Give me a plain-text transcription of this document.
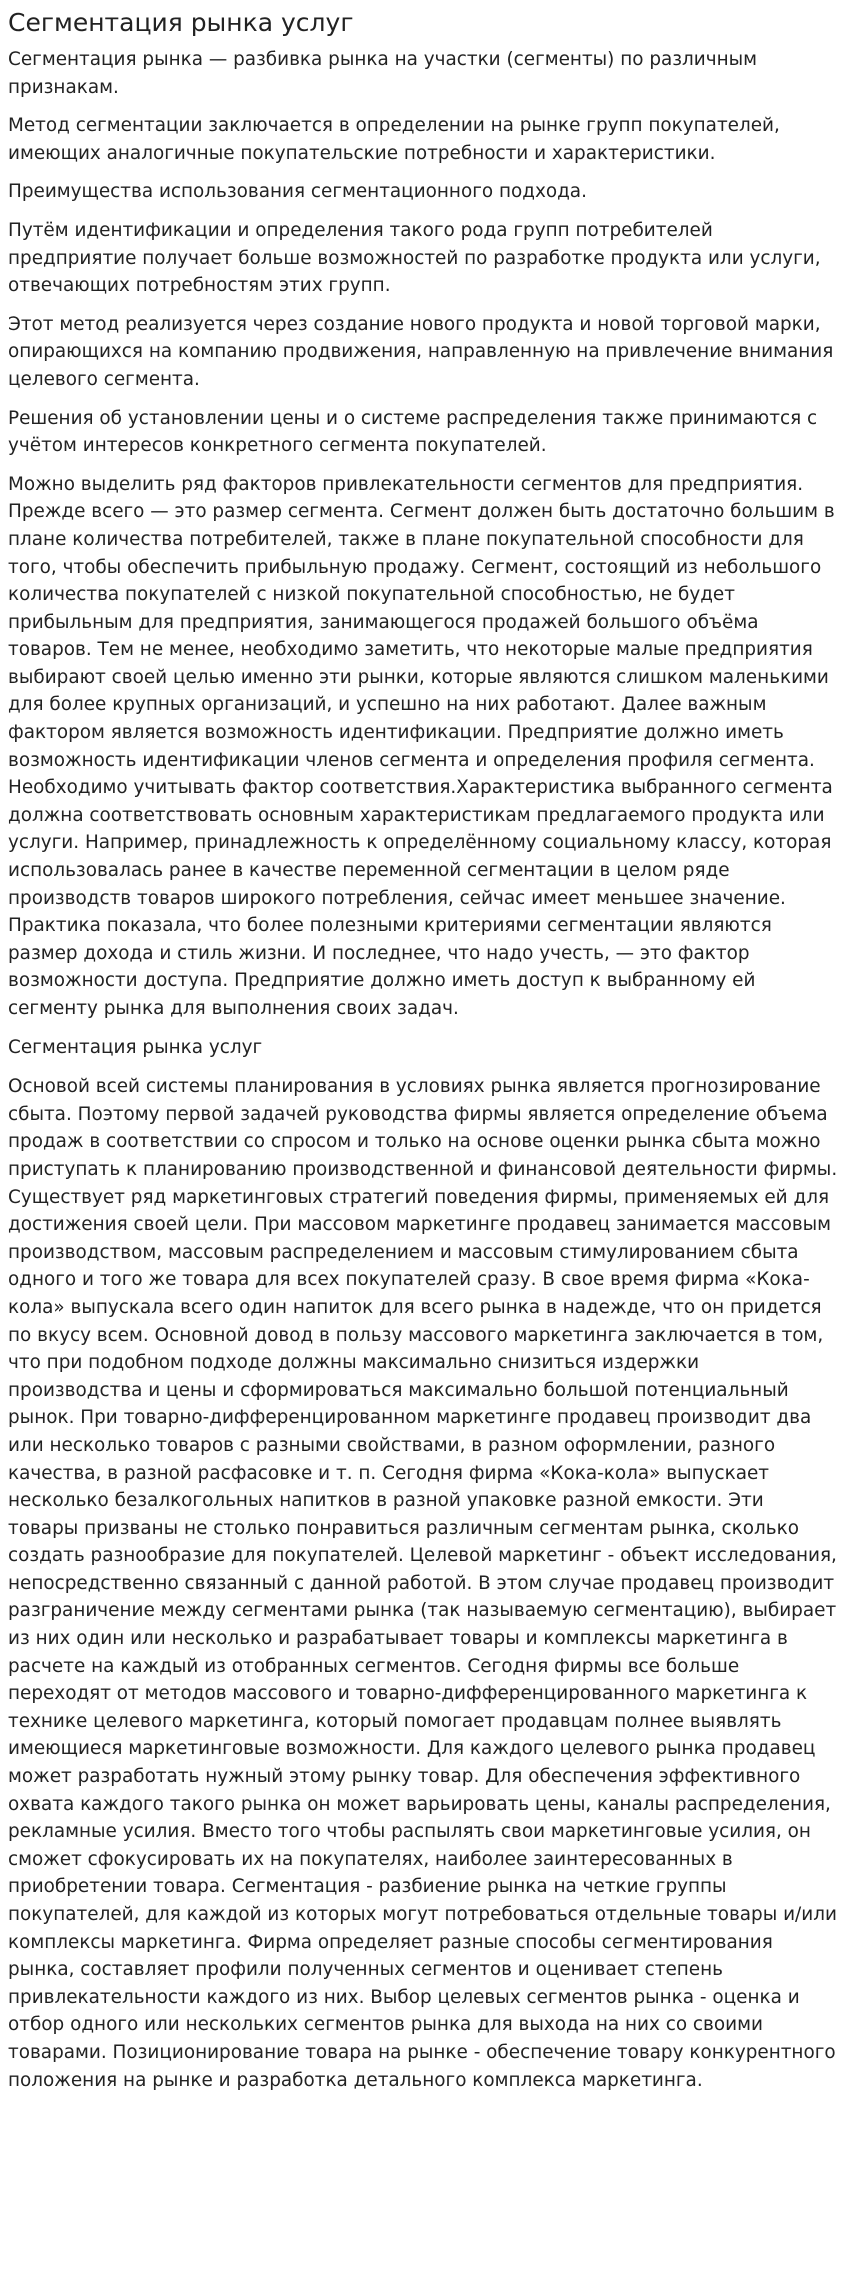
Сегментация рынка услуг

Сегментация рынка — разбивка рынка на участки (сегменты) по различным признакам.

Метод сегментации заключается в определении на рынке групп покупателей, имеющих аналогичные покупательские потребности и характеристики.

Преимущества использования сегментационного подхода.

Путём идентификации и определения такого рода групп потребителей предприятие получает больше возможностей по разработке продукта или услуги, отвечающих потребностям этих групп.

Этот метод реализуется через создание нового продукта и новой торговой марки, опирающихся на компанию продвижения, направленную на привлечение внимания целевого сегмента.

Решения об установлении цены и о системе распределения также принимаются с учётом интересов конкретного сегмента покупателей.

Можно выделить ряд факторов привлекательности сегментов для предприятия. Прежде всего — это размер сегмента. Сегмент должен быть достаточно большим в плане количества потребителей, также в плане покупательной способности для того, чтобы обеспечить прибыльную продажу. Сегмент, состоящий из небольшого количества покупателей с низкой покупательной способностью, не будет прибыльным для предприятия, занимающегося продажей большого объёма товаров. Тем не менее, необходимо заметить, что некоторые малые предприятия выбирают своей целью именно эти рынки, которые являются слишком маленькими для более крупных организаций, и успешно на них работают. Далее важным фактором является возможность идентификации. Предприятие должно иметь возможность идентификации членов сегмента и определения профиля сегмента. Необходимо учитывать фактор соответствия.Характеристика выбранного сегмента должна соответствовать основным характеристикам предлагаемого продукта или услуги. Например, принадлежность к определённому социальному классу, которая использовалась ранее в качестве переменной сегментации в целом ряде производств товаров широкого потребления, сейчас имеет меньшее значение. Практика показала, что более полезными критериями сегментации являются размер дохода и стиль жизни. И последнее, что надо учесть, — это фактор возможности доступа. Предприятие должно иметь доступ к выбранному ей сегменту рынка для выполнения своих задач.

Сегментация рынка услуг

Основой всей системы планирования в условиях рынка является прогнозирование сбыта. Поэтому первой задачей руководства фирмы является определение объема продаж в соответствии со спросом и только на основе оценки рынка сбыта можно приступать к планированию производственной и финансовой деятельности фирмы. Существует ряд маркетинговых стратегий поведения фирмы, применяемых ей для достижения своей цели. При массовом маркетинге продавец занимается массовым производством, массовым распределением и массовым стимулированием сбыта одного и того же товара для всех покупателей сразу. В свое время фирма «Кока-кола» выпускала всего один напиток для всего рынка в надежде, что он придется по вкусу всем. Основной довод в пользу массового маркетинга заключается в том, что при подобном подходе должны максимально снизиться издержки производства и цены и сформироваться максимально большой потенциальный рынок. При товарно-дифференцированном маркетинге продавец производит два или несколько товаров с разными свойствами, в разном оформлении, разного качества, в разной расфасовке и т. п. Сегодня фирма «Кока-кола» выпускает несколько безалкогольных напитков в разной упаковке разной емкости. Эти товары призваны не столько понравиться различным сегментам рынка, сколько создать разнообразие для покупателей. Целевой маркетинг - объект исследования, непосредственно связанный с данной работой. В этом случае продавец производит разграничение между сегментами рынка (так называемую сегментацию), выбирает из них один или несколько и разрабатывает товары и комплексы маркетинга в расчете на каждый из отобранных сегментов. Сегодня фирмы все больше переходят от методов массового и товарно-дифференцированного маркетинга к технике целевого маркетинга, который помогает продавцам полнее выявлять имеющиеся маркетинговые возможности. Для каждого целевого рынка продавец может разработать нужный этому рынку товар. Для обеспечения эффективного охвата каждого такого рынка он может варьировать цены, каналы распределения, рекламные усилия. Вместо того чтобы распылять свои маркетинговые усилия, он сможет сфокусировать их на покупателях, наиболее заинтересованных в приобретении товара. Сегментация - разбиение рынка на четкие группы покупателей, для каждой из которых могут потребоваться отдельные товары и/или комплексы маркетинга. Фирма определяет разные способы сегментирования рынка, составляет профили полученных сегментов и оценивает степень привлекательности каждого из них. Выбор целевых сегментов рынка - оценка и отбор одного или нескольких сегментов рынка для выхода на них со своими товарами. Позиционирование товара на рынке - обеспечение товару конкурентного положения на рынке и разработка детального комплекса маркетинга.
